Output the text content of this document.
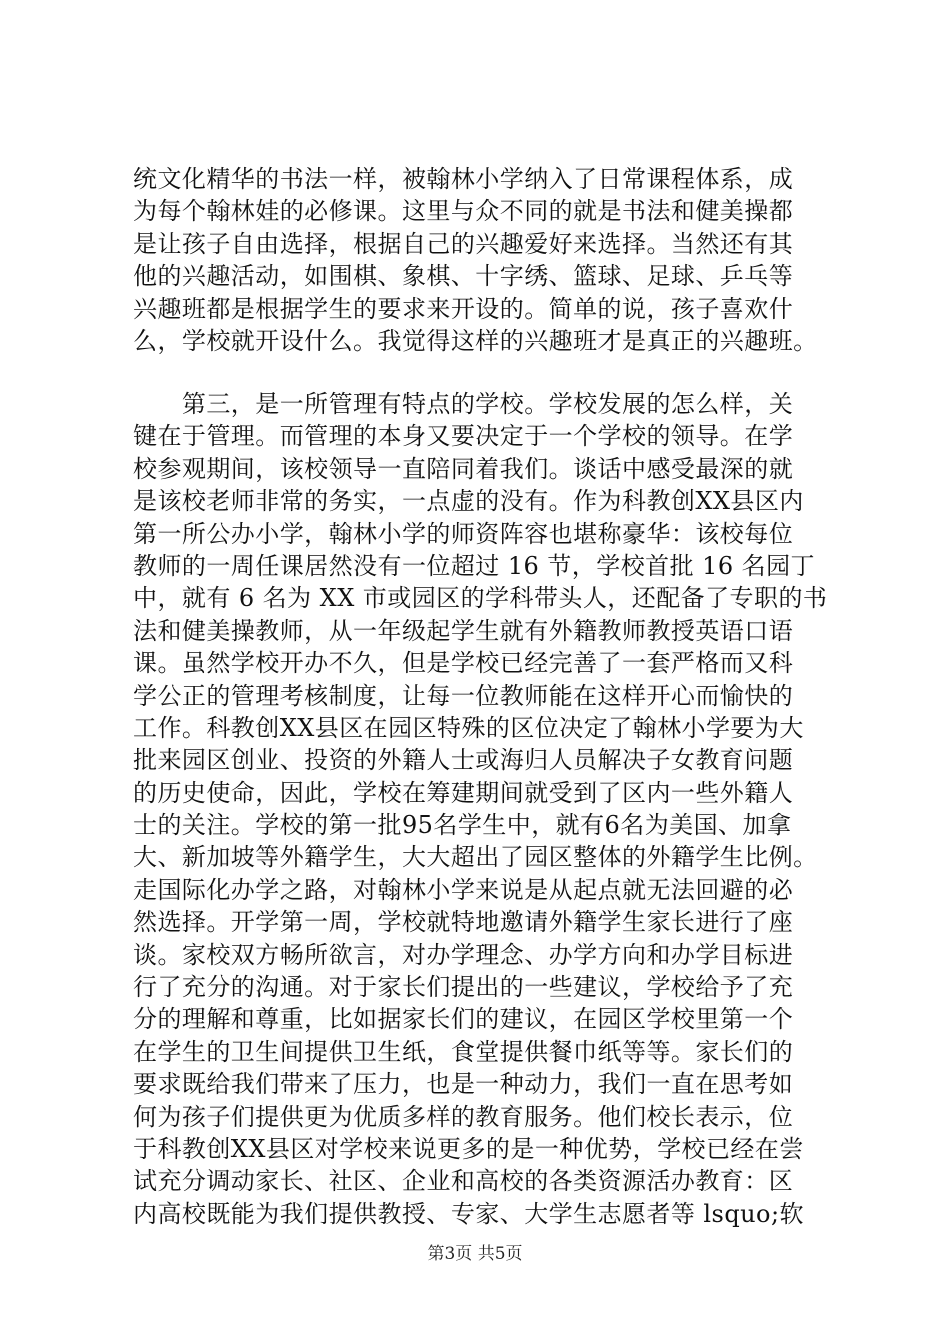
统文化精华的书法一样，被翰林小学纳入了日常课程体系，成
为每个翰林娃的必修课。这里与众不同的就是书法和健美操都
是让孩子自由选择，根据自己的兴趣爱好来选择。当然还有其
他的兴趣活动，如围棋、象棋、十字绣、篮球、足球、乒乓等
兴趣班都是根据学生的要求来开设的。简单的说，孩子喜欢什
么，学校就开设什么。我觉得这样的兴趣班才是真正的兴趣班。
　　第三，是一所管理有特点的学校。学校发展的怎么样，关
键在于管理。而管理的本身又要决定于一个学校的领导。在学
校参观期间，该校领导一直陪同着我们。谈话中感受最深的就
是该校老师非常的务实，一点虚的没有。作为科教创XX县区内
第一所公办小学，翰林小学的师资阵容也堪称豪华：该校每位
教师的一周任课居然没有一位超过 16 节，学校首批 16 名园丁
中，就有 6 名为 XX 市或园区的学科带头人，还配备了专职的书
法和健美操教师，从一年级起学生就有外籍教师教授英语口语
课。虽然学校开办不久，但是学校已经完善了一套严格而又科
学公正的管理考核制度，让每一位教师能在这样开心而愉快的
工作。科教创XX县区在园区特殊的区位决定了翰林小学要为大
批来园区创业、投资的外籍人士或海归人员解决子女教育问题
的历史使命，因此，学校在筹建期间就受到了区内一些外籍人
士的关注。学校的第一批95名学生中，就有6名为美国、加拿
大、新加坡等外籍学生，大大超出了园区整体的外籍学生比例。
走国际化办学之路，对翰林小学来说是从起点就无法回避的必
然选择。开学第一周，学校就特地邀请外籍学生家长进行了座
谈。家校双方畅所欲言，对办学理念、办学方向和办学目标进
行了充分的沟通。对于家长们提出的一些建议，学校给予了充
分的理解和尊重，比如据家长们的建议，在园区学校里第一个
在学生的卫生间提供卫生纸，食堂提供餐巾纸等等。家长们的
要求既给我们带来了压力，也是一种动力，我们一直在思考如
何为孩子们提供更为优质多样的教育服务。他们校长表示，位
于科教创XX县区对学校来说更多的是一种优势，学校已经在尝
试充分调动家长、社区、企业和高校的各类资源活办教育：区
内高校既能为我们提供教授、专家、大学生志愿者等 lsquo;软
第3页 共5页
